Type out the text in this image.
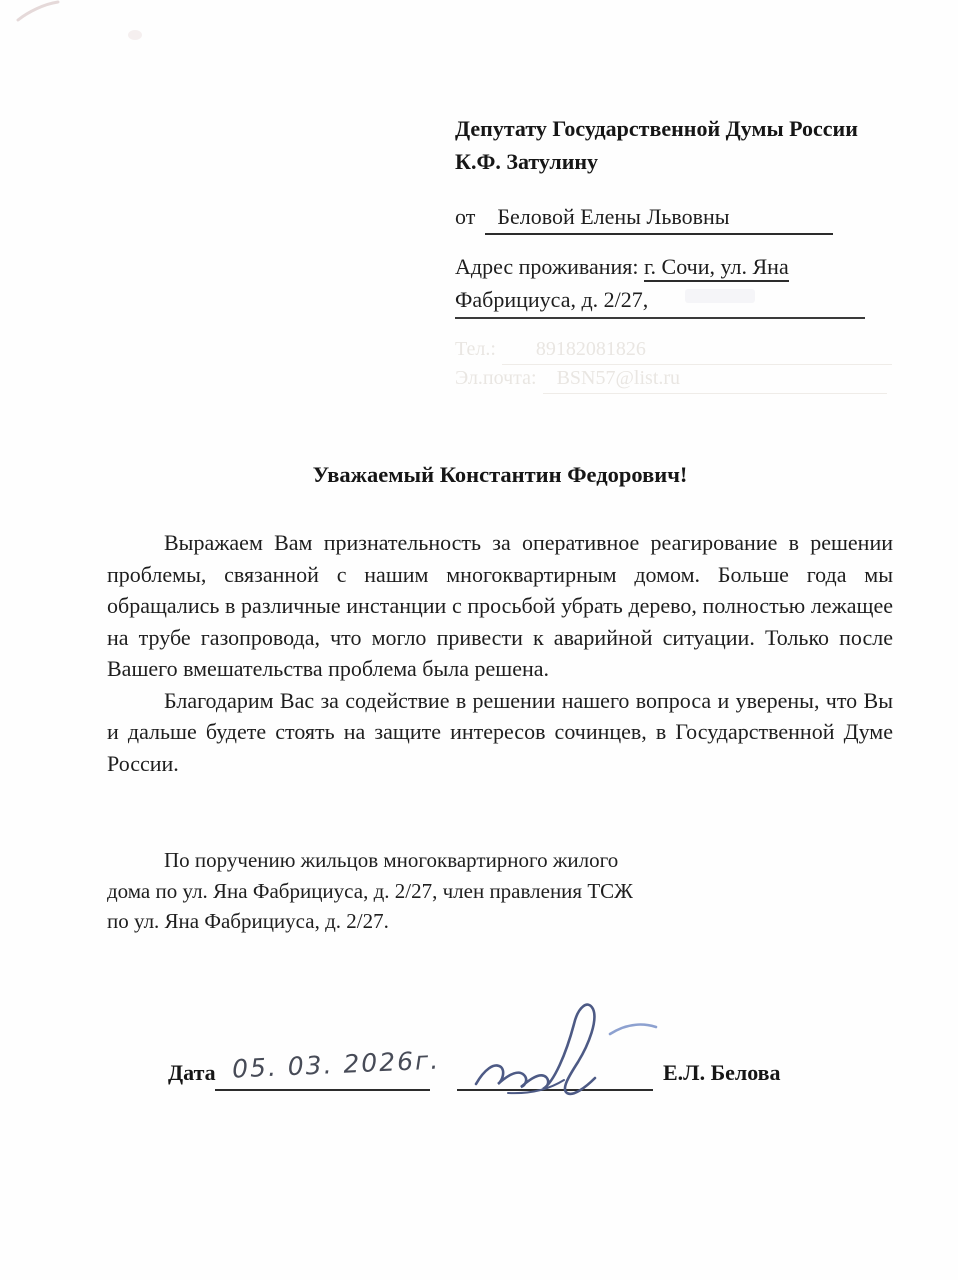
Депутату Государственной Думы России
К.Ф. Затулину
от Беловой Елены Львовны
Адрес проживания: г. Сочи, ул. Яна
Фабрициуса, д. 2/27,
Тел.: 89182081826
Эл.почта: BSN57@list.ru
Уважаемый Константин Федорович!

Выражаем Вам признательность за оперативное реагирование в решении проблемы, связанной с нашим многоквартирным домом. Больше года мы обращались в различные инстанции с просьбой убрать дерево, полностью лежащее на трубе газопровода, что могло привести к аварийной ситуации. Только после Вашего вмешательства проблема была решена.

Благодарим Вас за содействие в решении нашего вопроса и уверены, что Вы и дальше будете стоять на защите интересов сочинцев, в Государственной Думе России.

По поручению жильцов многоквартирного жилого дома по ул. Яна Фабрициуса, д. 2/27, член правления ТСЖ по ул. Яна Фабрициуса, д. 2/27.
Дата 05. 03. 2026г.	Е.Л. Белова
